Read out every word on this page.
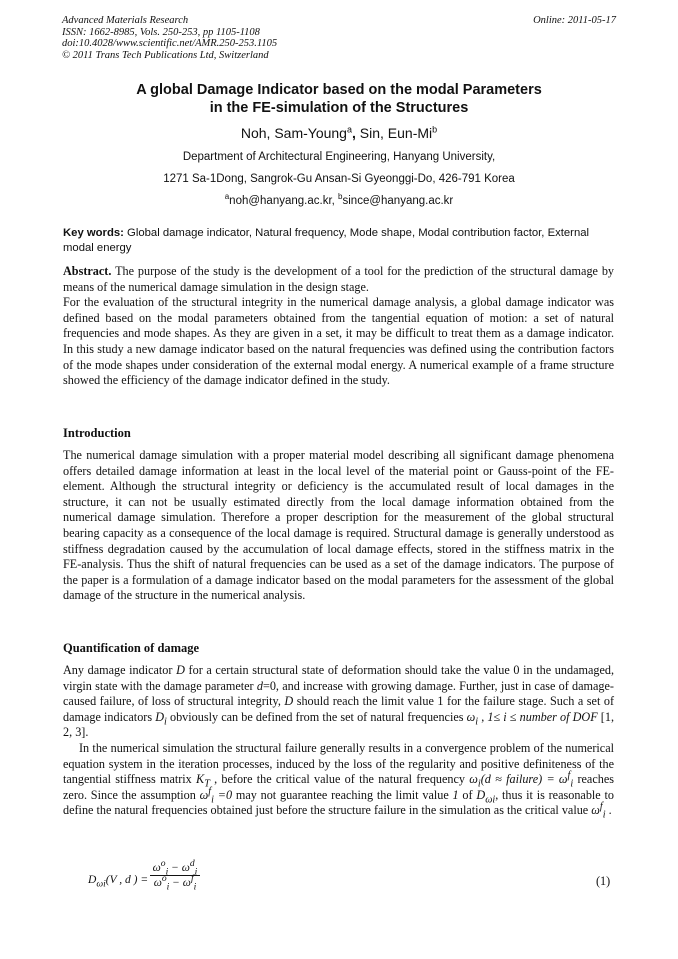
Advanced Materials Research
ISSN: 1662-8985, Vols. 250-253, pp 1105-1108
doi:10.4028/www.scientific.net/AMR.250-253.1105
© 2011 Trans Tech Publications Ltd, Switzerland
Online: 2011-05-17
A global Damage Indicator based on the modal Parameters
in the FE-simulation of the Structures
Noh, Sam-Young$^a$, Sin, Eun-Mi$^b$
Department of Architectural Engineering, Hanyang University,
1271 Sa-1Dong, Sangrok-Gu Ansan-Si Gyeonggi-Do, 426-791 Korea
$^a$noh@hanyang.ac.kr, $^b$since@hanyang.ac.kr
Key words: Global damage indicator, Natural frequency, Mode shape, Modal contribution factor, External modal energy

Abstract. The purpose of the study is the development of a tool for the prediction of the structural damage by means of the numerical damage simulation in the design stage.

For the evaluation of the structural integrity in the numerical damage analysis, a global damage indicator was defined based on the modal parameters obtained from the tangential equation of motion: a set of natural frequencies and mode shapes. As they are given in a set, it may be difficult to treat them as a damage indicator. In this study a new damage indicator based on the natural frequencies was defined using the contribution factors of the mode shapes under consideration of the external modal energy. A numerical example of a frame structure showed the efficiency of the damage indicator defined in the study.

Introduction

The numerical damage simulation with a proper material model describing all significant damage phenomena offers detailed damage information at least in the local level of the material point or Gauss-point of the FE-element. Although the structural integrity or deficiency is the accumulated result of local damages in the structure, it can not be usually estimated directly from the local damage information obtained from the numerical damage simulation. Therefore a proper description for the measurement of the global structural bearing capacity as a consequence of the local damage is required. Structural damage is generally understood as stiffness degradation caused by the accumulation of local damage effects, stored in the stiffness matrix in the FE-analysis. Thus the shift of natural frequencies can be used as a set of the damage indicators. The purpose of the paper is a formulation of a damage indicator based on the modal parameters for the assessment of the global damage of the structure in the numerical analysis.

Quantification of damage

Any damage indicator D for a certain structural state of deformation should take the value 0 in the undamaged, virgin state with the damage parameter d=0, and increase with growing damage. Further, just in case of damage-caused failure, of loss of structural integrity, D should reach the limit value 1 for the failure stage. Such a set of damage indicators $D_i$ obviously can be defined from the set of natural frequencies $\omega_i$ , 1≤ i ≤ number of DOF [1, 2, 3].

In the numerical simulation the structural failure generally results in a convergence problem of the numerical equation system in the iteration processes, induced by the loss of the regularity and positive definiteness of the tangential stiffness matrix $K_T$ , before the critical value of the natural frequency $\omega_i(d$ ≈ failure) = $\omega^f_i$ reaches zero. Since the assumption $\omega^f_i =0$ may not guarantee reaching the limit value 1 of $D_{\omega i}$, thus it is reasonable to define the natural frequencies obtained just before the structure failure in the simulation as the critical value $\omega^f_i$ .

$D_{\omega i}(V$ , d ) =
$\omega^o_i - \omega^d_i$
$\omega^o_i - \omega^f_i$	(1)
